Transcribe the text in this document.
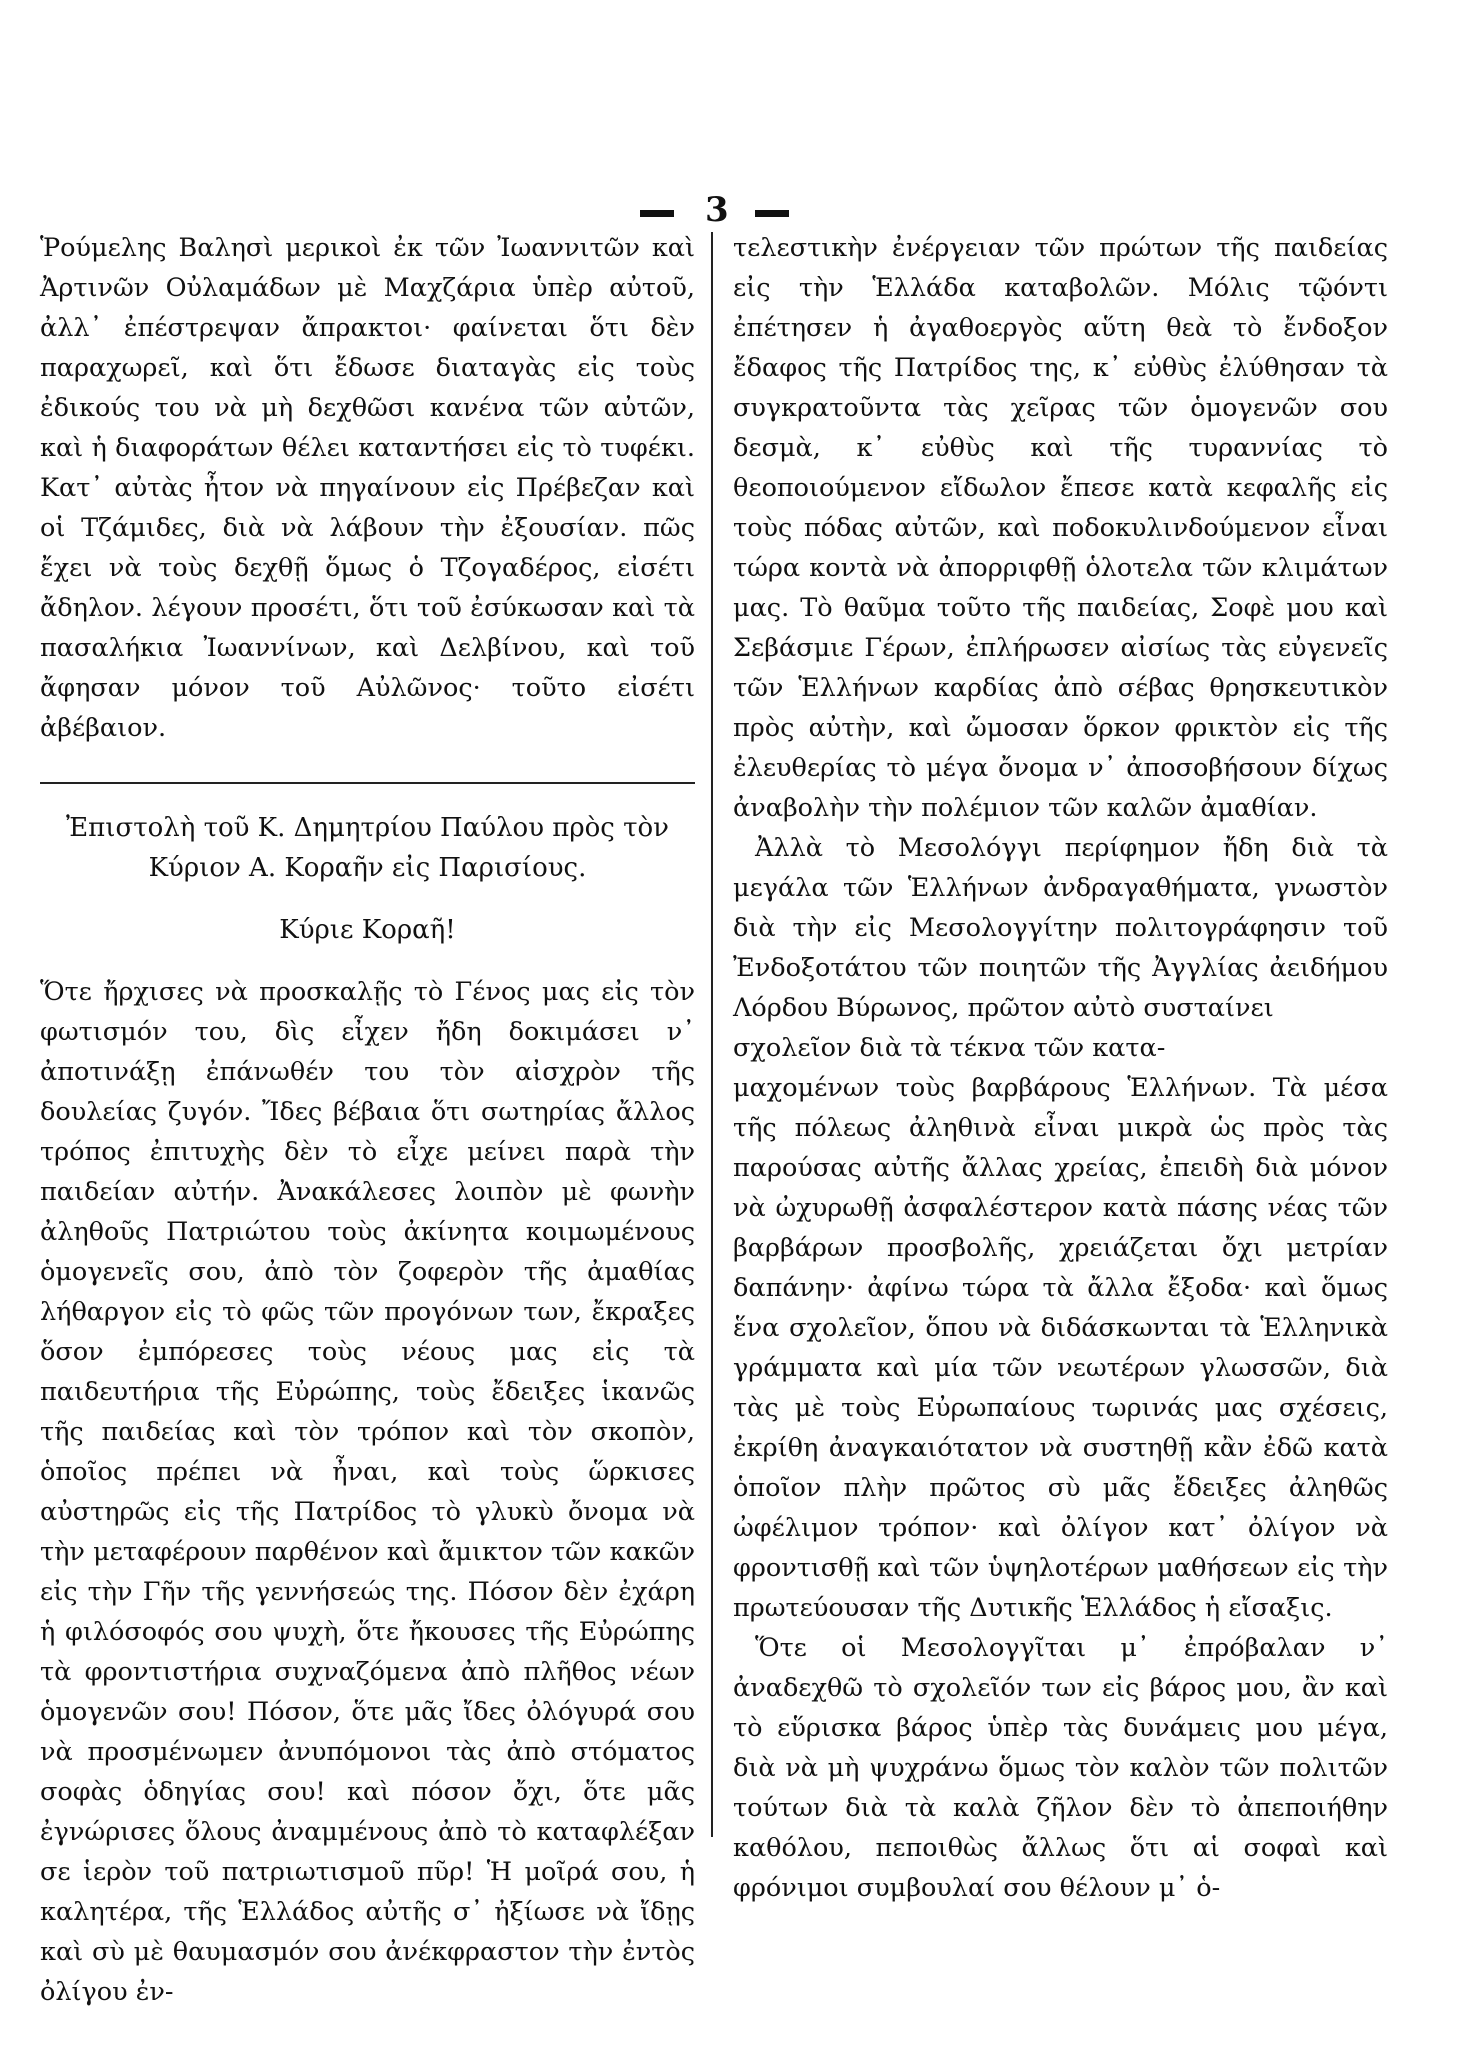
3

Ῥούμελης Βαλησὶ μερικοὶ ἐκ τῶν Ἰωαννιτῶν καὶ Ἀρτινῶν Οὐλαμάδων μὲ Μαχζάρια ὑπὲρ αὐτοῦ, ἀλλ᾽ ἐπέστρεψαν ἄπρακτοι· φαίνεται ὅτι δὲν παραχωρεῖ, καὶ ὅτι ἔδωσε διαταγὰς εἰς τοὺς ἐδικούς του νὰ μὴ δεχθῶσι κανένα τῶν αὐτῶν, καὶ ἡ διαφοράτων θέλει καταντήσει εἰς τὸ τυφέκι. Κατ᾽ αὐτὰς ἦτον νὰ πηγαίνουν εἰς Πρέβεζαν καὶ οἱ Τζάμιδες, διὰ νὰ λάβουν τὴν ἐξουσίαν. πῶς ἔχει νὰ τοὺς δεχθῇ ὅμως ὁ Τζογαδέρος, εἰσέτι ἄδηλον. λέγουν προσέτι, ὅτι τοῦ ἐσύκωσαν καὶ τὰ πασαλήκια Ἰωαννίνων, καὶ Δελβίνου, καὶ τοῦ ἄφησαν μόνον τοῦ Αὐλῶνος· τοῦτο εἰσέτι ἀβέβαιον.

Ἐπιστολὴ τοῦ Κ. Δημητρίου Παύλου πρὸς τὸν Κύριον Α. Κοραῆν εἰς Παρισίους.
Κύριε Κοραῆ!

Ὅτε ἤρχισες νὰ προσκαλῇς τὸ Γένος μας εἰς τὸν φωτισμόν του, δὶς εἶχεν ἤδη δοκιμάσει ν᾽ ἀποτινάξῃ ἐπάνωθέν του τὸν αἰσχρὸν τῆς δουλείας ζυγόν. Ἴδες βέβαια ὅτι σωτηρίας ἄλλος τρόπος ἐπιτυχὴς δὲν τὸ εἶχε μείνει παρὰ τὴν παιδείαν αὐτήν. Ἀνακάλεσες λοιπὸν μὲ φωνὴν ἀληθοῦς Πατριώτου τοὺς ἀκίνητα κοιμωμένους ὁμογενεῖς σου, ἀπὸ τὸν ζοφερὸν τῆς ἀμαθίας λήθαργον εἰς τὸ φῶς τῶν προγόνων των, ἔκραξες ὅσον ἐμπόρεσες τοὺς νέους μας εἰς τὰ παιδευτήρια τῆς Εὐρώπης, τοὺς ἔδειξες ἱκανῶς τῆς παιδείας καὶ τὸν τρόπον καὶ τὸν σκοπὸν, ὁποῖος πρέπει νὰ ἦναι, καὶ τοὺς ὥρκισες αὐστηρῶς εἰς τῆς Πατρίδος τὸ γλυκὺ ὄνομα νὰ τὴν μεταφέρουν παρθένον καὶ ἄμικτον τῶν κακῶν εἰς τὴν Γῆν τῆς γεννήσεώς της. Πόσον δὲν ἐχάρη ἡ φιλόσοφός σου ψυχὴ, ὅτε ἤκουσες τῆς Εὐρώπης τὰ φροντιστήρια συχναζόμενα ἀπὸ πλῆθος νέων ὁμογενῶν σου! Πόσον, ὅτε μᾶς ἴδες ὀλόγυρά σου νὰ προσμένωμεν ἀνυπόμονοι τὰς ἀπὸ στόματος σοφὰς ὁδηγίας σου! καὶ πόσον ὄχι, ὅτε μᾶς ἐγνώρισες ὅλους ἀναμμένους ἀπὸ τὸ καταφλέξαν σε ἱερὸν τοῦ πατριωτισμοῦ πῦρ! Ἡ μοῖρά σου, ἡ καλητέρα, τῆς Ἑλλάδος αὐτῆς σ᾽ ἠξίωσε νὰ ἴδῃς καὶ σὺ μὲ θαυμασμόν σου ἀνέκφραστον τὴν ἐντὸς ὀλίγου ἐν-

τελεστικὴν ἐνέργειαν τῶν πρώτων τῆς παιδείας εἰς τὴν Ἑλλάδα καταβολῶν. Μόλις τῷόντι ἐπέτησεν ἡ ἀγαθοεργὸς αὕτη θεὰ τὸ ἔνδοξον ἔδαφος τῆς Πατρίδος της, κ᾽ εὐθὺς ἐλύθησαν τὰ συγκρατοῦντα τὰς χεῖρας τῶν ὁμογενῶν σου δεσμὰ, κ᾽ εὐθὺς καὶ τῆς τυραννίας τὸ θεοποιούμενον εἴδωλον ἔπεσε κατὰ κεφαλῆς εἰς τοὺς πόδας αὐτῶν, καὶ ποδοκυλινδούμενον εἶναι τώρα κοντὰ νὰ ἀπορριφθῇ ὁλοτελα τῶν κλιμάτων μας. Τὸ θαῦμα τοῦτο τῆς παιδείας, Σοφὲ μου καὶ Σεβάσμιε Γέρων, ἐπλήρωσεν αἰσίως τὰς εὐγενεῖς τῶν Ἑλλήνων καρδίας ἀπὸ σέβας θρησκευτικὸν πρὸς αὐτὴν, καὶ ὤμοσαν ὅρκον φρικτὸν εἰς τῆς ἐλευθερίας τὸ μέγα ὄνομα ν᾽ ἀποσοβήσουν δίχως ἀναβολὴν τὴν πολέμιον τῶν καλῶν ἀμαθίαν.

Ἀλλὰ τὸ Μεσολόγγι περίφημον ἤδη διὰ τὰ μεγάλα τῶν Ἑλλήνων ἀνδραγαθήματα, γνωστὸν διὰ τὴν εἰς Μεσολογγίτην πολιτογράφησιν τοῦ Ἐνδοξοτάτου τῶν ποιητῶν τῆς Ἀγγλίας ἀειδήμου Λόρδου Βύρωνος, πρῶτον αὐτὸ συσταίνει

σχολεῖον διὰ τὰ τέκνα τῶν κατα-

μαχομένων τοὺς βαρβάρους Ἑλλήνων. Τὰ μέσα τῆς πόλεως ἀληθινὰ εἶναι μικρὰ ὡς πρὸς τὰς παρούσας αὐτῆς ἄλλας χρείας, ἐπειδὴ διὰ μόνον νὰ ὠχυρωθῇ ἀσφαλέστερον κατὰ πάσης νέας τῶν βαρβάρων προσβολῆς, χρειάζεται ὄχι μετρίαν δαπάνην· ἀφίνω τώρα τὰ ἄλλα ἔξοδα· καὶ ὅμως ἕνα σχολεῖον, ὅπου νὰ διδάσκωνται τὰ Ἑλληνικὰ γράμματα καὶ μία τῶν νεωτέρων γλωσσῶν, διὰ τὰς μὲ τοὺς Εὐρωπαίους τωρινάς μας σχέσεις, ἐκρίθη ἀναγκαιότατον νὰ συστηθῇ κἂν ἐδῶ κατὰ ὁποῖον πλὴν πρῶτος σὺ μᾶς ἔδειξες ἀληθῶς ὠφέλιμον τρόπον· καὶ ὀλίγον κατ᾽ ὀλίγον νὰ φροντισθῇ καὶ τῶν ὑψηλοτέρων μαθήσεων εἰς τὴν πρωτεύουσαν τῆς Δυτικῆς Ἑλλάδος ἡ εἴσαξις.

Ὅτε οἱ Μεσολογγῖται μ᾽ ἐπρόβαλαν ν᾽ ἀναδεχθῶ τὸ σχολεῖόν των εἰς βάρος μου, ἂν καὶ τὸ εὕρισκα βάρος ὑπὲρ τὰς δυνάμεις μου μέγα, διὰ νὰ μὴ ψυχράνω ὅμως τὸν καλὸν τῶν πολιτῶν τούτων διὰ τὰ καλὰ ζῆλον δὲν τὸ ἀπεποιήθην καθόλου, πεποιθὼς ἄλλως ὅτι αἱ σοφαὶ καὶ φρόνιμοι συμβουλαί σου θέλουν μ᾽ ὁ-
